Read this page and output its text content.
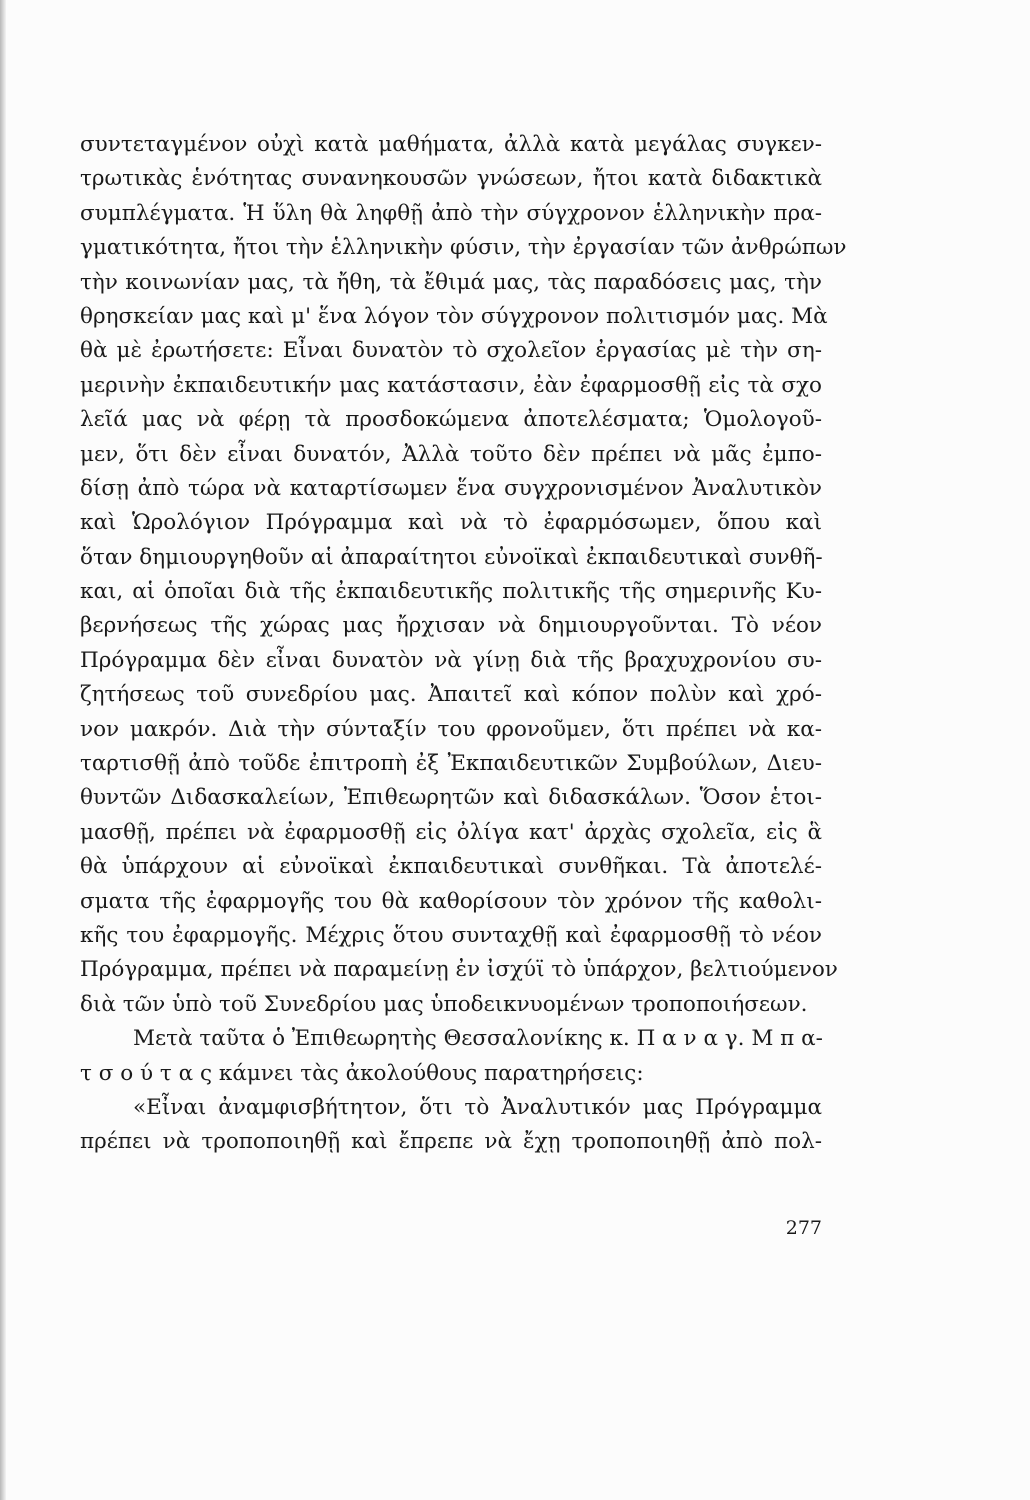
συντεταγμένον οὐχὶ κατὰ μαθήματα, ἀλλὰ κατὰ μεγάλας συγκεν-
τρωτικὰς ἑνότητας συνανηκουσῶν γνώσεων, ἤτοι κατὰ διδακτικὰ
συμπλέγματα. Ἡ ὕλη θὰ ληφθῇ ἀπὸ τὴν σύγχρονον ἑλληνικὴν πρα-
γματικότητα, ἤτοι τὴν ἑλληνικὴν φύσιν, τὴν ἐργασίαν τῶν ἀνθρώπων
τὴν κοινωνίαν μας, τὰ ἤθη, τὰ ἔθιμά μας, τὰς παραδόσεις μας, τὴν
θρησκείαν μας καὶ μ' ἕνα λόγον τὸν σύγχρονον πολιτισμόν μας. Μὰ
θὰ μὲ ἐρωτήσετε: Εἶναι δυνατὸν τὸ σχολεῖον ἐργασίας μὲ τὴν ση-
μερινὴν ἐκπαιδευτικήν μας κατάστασιν, ἐὰν ἐφαρμοσθῇ εἰς τὰ σχο
λεῖά μας νὰ φέρῃ τὰ προσδοκώμενα ἀποτελέσματα; Ὁμολογοῦ-
μεν, ὅτι δὲν εἶναι δυνατόν, Ἀλλὰ τοῦτο δὲν πρέπει νὰ μᾶς ἐμπο-
δίσῃ ἀπὸ τώρα νὰ καταρτίσωμεν ἕνα συγχρονισμένον Ἀναλυτικὸν
καὶ Ὡρολόγιον Πρόγραμμα καὶ νὰ τὸ ἐφαρμόσωμεν, ὅπου καὶ
ὅταν δημιουργηθοῦν αἱ ἀπαραίτητοι εὐνοϊκαὶ ἐκπαιδευτικαὶ συνθῆ-
και, αἱ ὁποῖαι διὰ τῆς ἐκπαιδευτικῆς πολιτικῆς τῆς σημερινῆς Κυ-
βερνήσεως τῆς χώρας μας ἤρχισαν νὰ δημιουργοῦνται. Τὸ νέον
Πρόγραμμα δὲν εἶναι δυνατὸν νὰ γίνῃ διὰ τῆς βραχυχρονίου συ-
ζητήσεως τοῦ συνεδρίου μας. Ἀπαιτεῖ καὶ κόπον πολὺν καὶ χρό-
νον μακρόν. Διὰ τὴν σύνταξίν του φρονοῦμεν, ὅτι πρέπει νὰ κα-
ταρτισθῇ ἀπὸ τοῦδε ἐπιτροπὴ ἐξ Ἐκπαιδευτικῶν Συμβούλων, Διευ-
θυντῶν Διδασκαλείων, Ἐπιθεωρητῶν καὶ διδασκάλων. Ὅσον ἑτοι-
μασθῇ, πρέπει νὰ ἐφαρμοσθῇ εἰς ὀλίγα κατ' ἀρχὰς σχολεῖα, εἰς ἃ
θὰ ὑπάρχουν αἱ εὐνοϊκαὶ ἐκπαιδευτικαὶ συνθῆκαι. Τὰ ἀποτελέ-
σματα τῆς ἐφαρμογῆς του θὰ καθορίσουν τὸν χρόνον τῆς καθολι-
κῆς του ἐφαρμογῆς. Μέχρις ὅτου συνταχθῇ καὶ ἐφαρμοσθῇ τὸ νέον
Πρόγραμμα, πρέπει νὰ παραμείνῃ ἐν ἰσχύϊ τὸ ὑπάρχον, βελτιούμενον
διὰ τῶν ὑπὸ τοῦ Συνεδρίου μας ὑποδεικνυομένων τροποποιήσεων.
Μετὰ ταῦτα ὁ Ἐπιθεωρητὴς Θεσσαλονίκης κ. Π α ν α γ. Μ π α-
τ σ ο ύ τ α ς κάμνει τὰς ἀκολούθους παρατηρήσεις:
«Εἶναι ἀναμφισβήτητον, ὅτι τὸ Ἀναλυτικόν μας Πρόγραμμα
πρέπει νὰ τροποποιηθῇ καὶ ἔπρεπε νὰ ἔχῃ τροποποιηθῇ ἀπὸ πολ-
277
